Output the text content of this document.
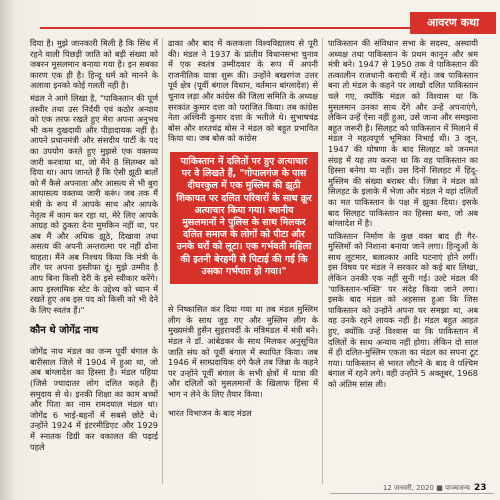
आवरण कथा

दिया है। मुझे जानकारी मिली है कि सिंध में रहने वाली पिछड़ी जाति को बड़ी संख्या को जबरन मुसलमान बनाया गया है। इन सबका कारण एक ही है। हिन्दू धर्म को मानने के अलावा इनको कोई गलती नहीं है।

मंडल ने आगे लिखा है, "पाकिस्तान की पूर्ण तस्वीर तथा उस निर्दयी एवं कठोर अन्याय को एक तरफ रखते हुए मेरा अपना अनुभव भी कम दुखदायी और पीड़ादायक नहीं है। आपने प्रधानमंत्री और संसदीय पार्टी के पद का उपयोग करते हुए मुझसे एक वक्तव्य जारी करवाया था, जो मैंने 8 सितम्बर को दिया था। आप जानते हैं कि ऐसी झूठी बातों को मैं कैसे अपनाता और आसत्य से भी बुरा आधासत्य वक्तव्य जारी करूं। जब तक मैं मंत्री के रूप में आपके साथ और आपके नेतृत्व में काम कर रहा था, मेरे लिए आपके आग्रह को ठुकरा देना मुमकिन नहीं था, पर अब मैं और अधिक झूठे, दिखावा तथा असत्य की अपनी अन्तरात्मा पर नहीं ढोना चाहता। मैंने अब निश्चय किया कि मंत्री के तौर पर अपना इस्तीफा दूं। मुझे उम्मीद है आप बिना किसी देरी के इसे स्वीकार करेंगे। आप इस्लामिक स्टेट के उद्देश्य को ध्यान में रखते हुए अब इस पद को किसी को भी देने के लिए स्वतंत्र हैं।"

कौन थे जोगेंद्र नाथ

जोगेंद्र नाथ मंडल का जन्म पूर्वी बंगाल के बारीसाल जिले में 1904 में हुआ था, जो अब बांग्लादेश का हिस्सा है। मंडल पहिया (जिसे ज्यादातर लोग दलित कहते हैं) समुदाय से थे। इनकी शिक्षा का काम बच्चों और पिता का नाम रामदयाल मंडल था। जोगेंद्र 6 भाई-बहनों में सबसे छोटे थे। उन्होंने 1924 में इंटरमीडिएट और 1929 में स्नातक डिग्री कर वकालत की पढ़ाई पहले

ढाका और बाद में कलकत्ता विश्वविद्यालय से पूरी की। मंडल ने 1937 के प्रांतीय विधानसभा चुनाव में एक स्वतंत्र उम्मीदवार के रूप में अपनी राजनीतिक यात्रा शुरू की। उन्होंने बखरगंज उत्तर पूर्व क्षेत्र (पूर्वी बंगाल विधान, वर्तमान बांग्लादेश) से चुनाव लड़ा और कांग्रेस की जिला समिति के अध्यक्ष सरकांत कुमार दत्ता को पराजित किया। तब कांग्रेस नेता अश्विनी कुमार दत्ता के भतीजे थे। सुभाषचंद्र बोस और शरतचंद्र बोस ने मंडल को बहुत प्रभावित किया था। जब बोस को कांग्रेस

पाकिस्तान में दलितों पर हुए अत्याचार पर वे लिखते हैं, "गोपालगंज के पास दीघरकुल में एक मुस्लिम की झूठी शिकायत पर दलित परिवारों के साथ क्रूर अत्याचार किया गया। स्थानीय मुसलमानों ने पुलिस के साथ मिलकर दलित समाज के लोगों को पीटा और उनके घरों को लूटा। एक गर्भवती महिला की इतनी बेरहमी से पिटाई की गई कि उसका गर्भपात हो गया।"

से निष्कासित कर दिया गया था तब मंडल मुस्लिम लीग के साथ जुड़ गए और मुस्लिम लीग के मुख्यमंत्री हुसैन सुहरावर्दी के मंत्रिमंडल में मंत्री बने। मंडल ने डॉ. आंबेडकर के साथ मिलकर अनुसूचित जाति संघ को पूर्वी बंगाल में स्थापित किया। जब 1946 में साम्प्रदायिक दंगे फैले तब जिन्ना के कहने पर उन्होंने पूर्वी बंगाल के सभी क्षेत्रों में यात्रा की और दलितों को मुसलमानों के खिलाफ हिंसा में भाग न लेने के लिए तैयार किया।

भारत विभाजन के बाद मंडल

पाकिस्तान की संविधान सभा के सदस्य, अस्थायी अध्यक्ष तथा पाकिस्तान के प्रथम कानून और श्रम मंत्री बने। 1947 से 1950 तक वे पाकिस्तान की तत्कालीन राजधानी कराची में रहे। जब पाकिस्तान बना तो मंडल के कहने पर लाखों दलित पाकिस्तान चले गए, क्योंकि मंडल को विश्वास था कि मुसलमान उनका साथ देंगे और उन्हें अपनाएंगे, लेकिन उन्हें ऐसा नहीं हुआ, उसे जाना और समझना बहुत जरूरी है। सिलहट को पाकिस्तान में मिलाने में मंडल ने महत्वपूर्ण भूमिका निभाई थी। 3 जून, 1947 की घोषणा के बाद सिलहट को जनमत संग्रह में यह तय करना था कि वह पाकिस्तान का हिस्सा बनेगा या नहीं। उस दिनों सिलहट में हिंदू-मुस्लिम की संख्या बराबर थी। जिन्ना ने मंडल को सिलहट के इलाके में भेजा और मंडल ने वहां दलितों का मत पाकिस्तान के पक्ष में झुका दिया। इसके बाद सिलहट पाकिस्तान का हिस्सा बना, जो अब बांग्लादेश में है।

पाकिस्तान निर्माण के कुछ वक्त बाद ही गैर-मुस्लिमों को निशाना बनाया जाने लगा। हिन्दुओं के साथ लूटमार, बलात्कार आदि घटनाएं होने लगीं। इस विषय पर मंडल ने सरकार को कई बार लिखा, लेकिन उनकी एक नहीं सुनी गई। उल्टे मंडल की 'पाकिस्तान-भक्ति' पर संदेह किया जाने लगा। इसके बाद मंडल को अहसास हुआ कि जिस पाकिस्तान को उन्होंने अपना घर समझा था, अब वह उनके रहने लायक नहीं है। मंडल बहुत आहत हुए, क्योंकि उन्हें विश्वास था कि पाकिस्तान में दलितों के साथ अन्याय नहीं होगा। लेकिन दो साल में ही दलित-मुस्लिम एकता का मंडल का सपना टूट गया। पाकिस्तान से भारत लौटने के बाद वे पश्चिम बंगाल में रहने लगे। वहीं उन्होंने 5 अक्तूबर, 1968 को अंतिम सांस ली।

12 जनवरी, 2020 ■ पाञ्चजन्य 23
